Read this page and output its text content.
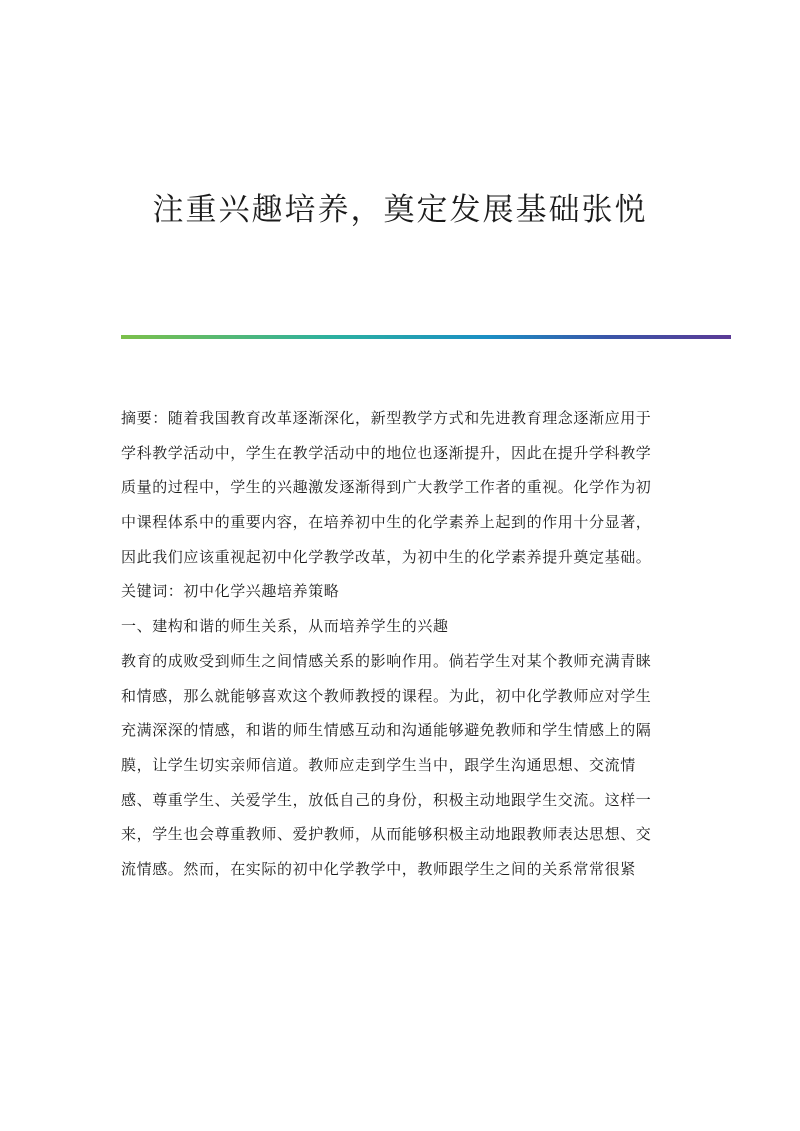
注重兴趣培养，奠定发展基础张悦
摘要：随着我国教育改革逐渐深化，新型教学方式和先进教育理念逐渐应用于
学科教学活动中，学生在教学活动中的地位也逐渐提升，因此在提升学科教学
质量的过程中，学生的兴趣激发逐渐得到广大教学工作者的重视。化学作为初
中课程体系中的重要内容，在培养初中生的化学素养上起到的作用十分显著，
因此我们应该重视起初中化学教学改革，为初中生的化学素养提升奠定基础。
关键词：初中化学兴趣培养策略
一、建构和谐的师生关系，从而培养学生的兴趣
教育的成败受到师生之间情感关系的影响作用。倘若学生对某个教师充满青睐
和情感，那么就能够喜欢这个教师教授的课程。为此，初中化学教师应对学生
充满深深的情感，和谐的师生情感互动和沟通能够避免教师和学生情感上的隔
膜，让学生切实亲师信道。教师应走到学生当中，跟学生沟通思想、交流情
感、尊重学生、关爱学生，放低自己的身份，积极主动地跟学生交流。这样一
来，学生也会尊重教师、爱护教师，从而能够积极主动地跟教师表达思想、交
流情感。然而，在实际的初中化学教学中，教师跟学生之间的关系常常很紧
